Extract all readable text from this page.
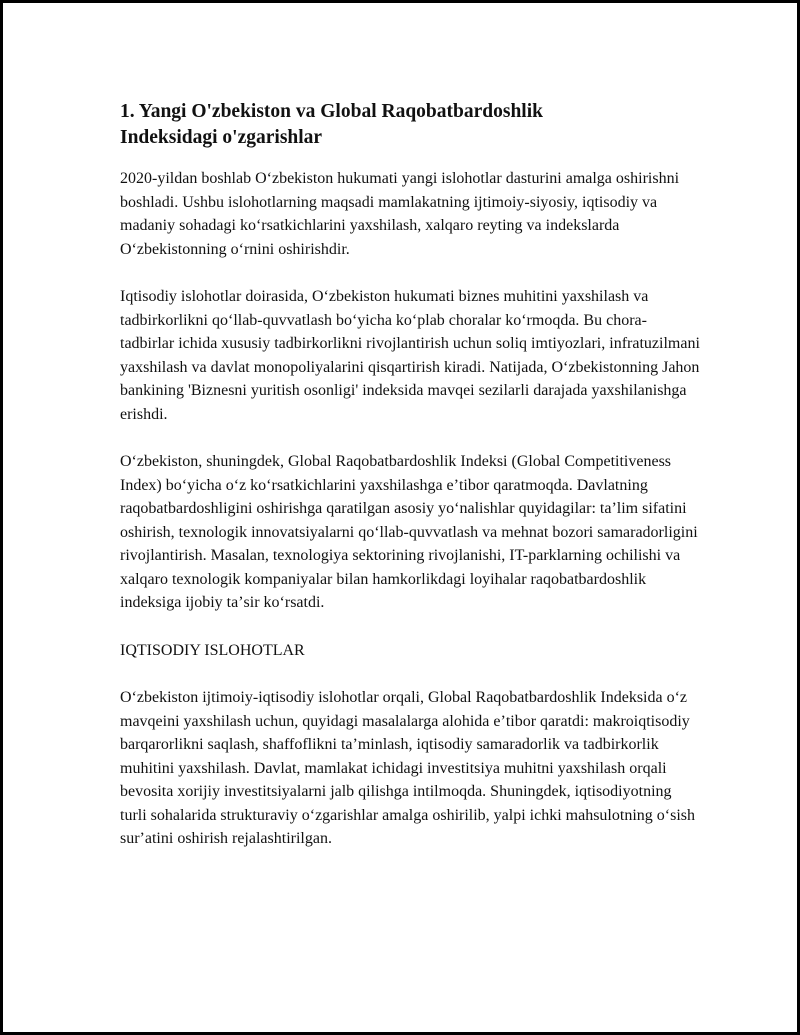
1. Yangi O'zbekiston va Global Raqobatbardoshlik
Indeksidagi o'zgarishlar

2020-yildan boshlab Oʻzbekiston hukumati yangi islohotlar dasturini amalga oshirishni boshladi. Ushbu islohotlarning maqsadi mamlakatning ijtimoiy-siyosiy, iqtisodiy va madaniy sohadagi koʻrsatkichlarini yaxshilash, xalqaro reyting va indekslarda Oʻzbekistonning oʻrnini oshirishdir.

Iqtisodiy islohotlar doirasida, Oʻzbekiston hukumati biznes muhitini yaxshilash va tadbirkorlikni qoʻllab-quvvatlash boʻyicha koʻplab choralar koʻrmoqda. Bu chora-tadbirlar ichida xususiy tadbirkorlikni rivojlantirish uchun soliq imtiyozlari, infratuzilmani yaxshilash va davlat monopoliyalarini qisqartirish kiradi. Natijada, Oʻzbekistonning Jahon bankining 'Biznesni yuritish osonligi' indeksida mavqei sezilarli darajada yaxshilanishga erishdi.

Oʻzbekiston, shuningdek, Global Raqobatbardoshlik Indeksi (Global Competitiveness Index) boʻyicha oʻz koʻrsatkichlarini yaxshilashga eʼtibor qaratmoqda. Davlatning raqobatbardoshligini oshirishga qaratilgan asosiy yoʻnalishlar quyidagilar: taʼlim sifatini oshirish, texnologik innovatsiyalarni qoʻllab-quvvatlash va mehnat bozori samaradorligini rivojlantirish. Masalan, texnologiya sektorining rivojlanishi, IT-parklarning ochilishi va xalqaro texnologik kompaniyalar bilan hamkorlikdagi loyihalar raqobatbardoshlik indeksiga ijobiy taʼsir koʻrsatdi.

IQTISODIY ISLOHOTLAR

Oʻzbekiston ijtimoiy-iqtisodiy islohotlar orqali, Global Raqobatbardoshlik Indeksida oʻz mavqeini yaxshilash uchun, quyidagi masalalarga alohida eʼtibor qaratdi: makroiqtisodiy barqarorlikni saqlash, shaffoflikni taʼminlash, iqtisodiy samaradorlik va tadbirkorlik muhitini yaxshilash. Davlat, mamlakat ichidagi investitsiya muhitni yaxshilash orqali bevosita xorijiy investitsiyalarni jalb qilishga intilmoqda. Shuningdek, iqtisodiyotning turli sohalarida strukturaviy oʻzgarishlar amalga oshirilib, yalpi ichki mahsulotning oʻsish surʼatini oshirish rejalashtirilgan.
